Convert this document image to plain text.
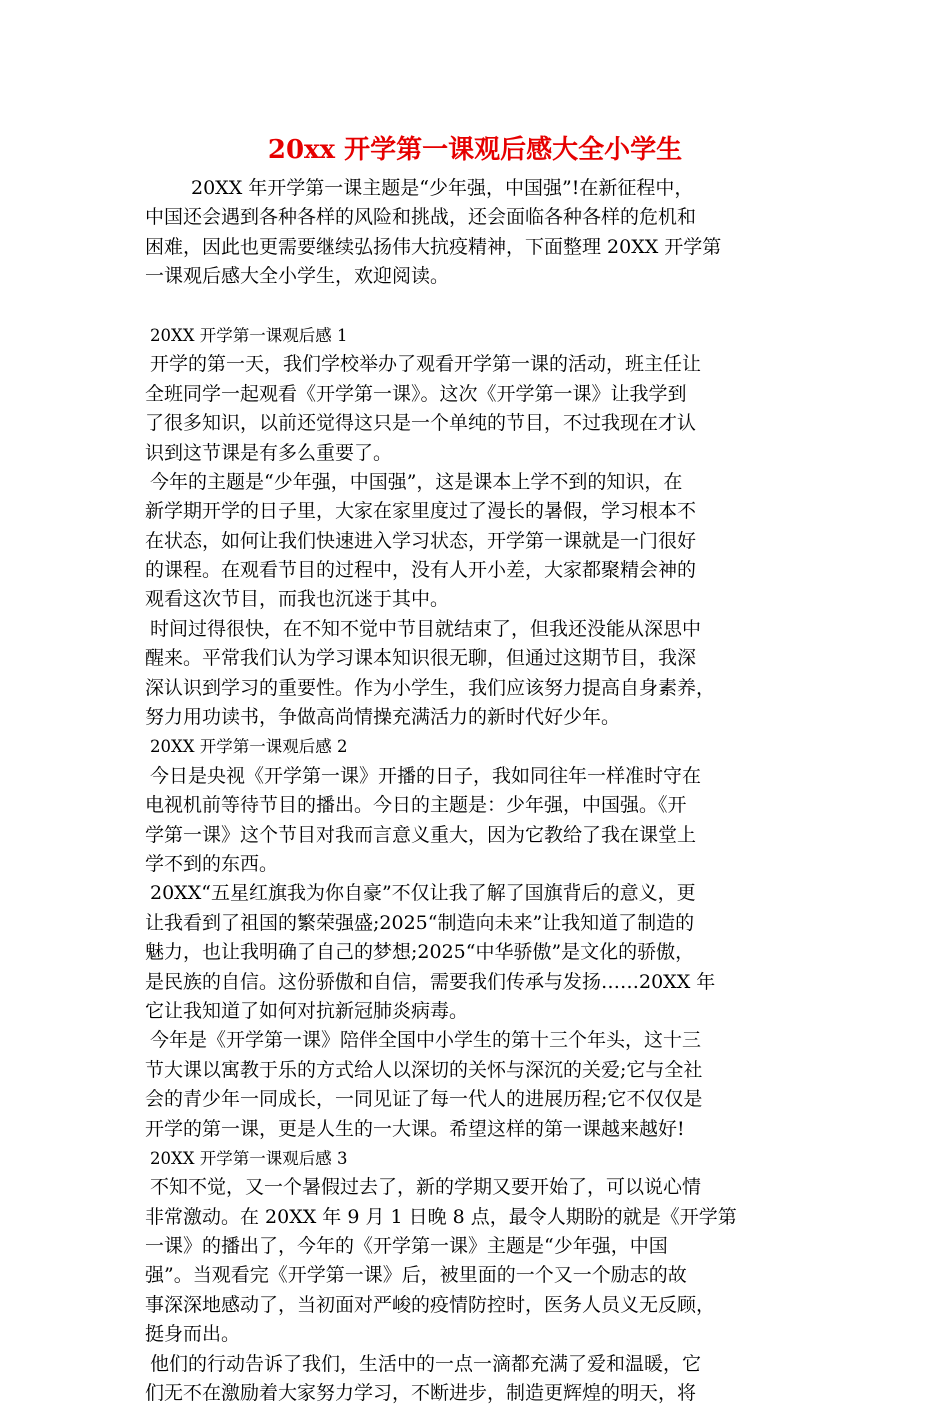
20xx 开学第一课观后感大全小学生
20XX 年开学第一课主题是“少年强，中国强”!在新征程中，
中国还会遇到各种各样的风险和挑战，还会面临各种各样的危机和
困难，因此也更需要继续弘扬伟大抗疫精神，下面整理 20XX 开学第
一课观后感大全小学生，欢迎阅读。
20XX 开学第一课观后感 1
开学的第一天，我们学校举办了观看开学第一课的活动，班主任让
全班同学一起观看《开学第一课》。这次《开学第一课》让我学到
了很多知识，以前还觉得这只是一个单纯的节目，不过我现在才认
识到这节课是有多么重要了。
今年的主题是“少年强，中国强”，这是课本上学不到的知识，在
新学期开学的日子里，大家在家里度过了漫长的暑假，学习根本不
在状态，如何让我们快速进入学习状态，开学第一课就是一门很好
的课程。在观看节目的过程中，没有人开小差，大家都聚精会神的
观看这次节目，而我也沉迷于其中。
时间过得很快，在不知不觉中节目就结束了，但我还没能从深思中
醒来。平常我们认为学习课本知识很无聊，但通过这期节目，我深
深认识到学习的重要性。作为小学生，我们应该努力提高自身素养，
努力用功读书，争做高尚情操充满活力的新时代好少年。
20XX 开学第一课观后感 2
今日是央视《开学第一课》开播的日子，我如同往年一样准时守在
电视机前等待节目的播出。今日的主题是：少年强，中国强。《开
学第一课》这个节目对我而言意义重大，因为它教给了我在课堂上
学不到的东西。
20XX“五星红旗我为你自豪”不仅让我了解了国旗背后的意义，更
让我看到了祖国的繁荣强盛;2025“制造向未来”让我知道了制造的
魅力，也让我明确了自己的梦想;2025“中华骄傲”是文化的骄傲，
是民族的自信。这份骄傲和自信，需要我们传承与发扬……20XX 年
它让我知道了如何对抗新冠肺炎病毒。
今年是《开学第一课》陪伴全国中小学生的第十三个年头，这十三
节大课以寓教于乐的方式给人以深切的关怀与深沉的关爱;它与全社
会的青少年一同成长，一同见证了每一代人的进展历程;它不仅仅是
开学的第一课，更是人生的一大课。希望这样的第一课越来越好!
20XX 开学第一课观后感 3
不知不觉，又一个暑假过去了，新的学期又要开始了，可以说心情
非常激动。在 20XX 年 9 月 1 日晚 8 点，最令人期盼的就是《开学第
一课》的播出了，今年的《开学第一课》主题是“少年强，中国
强”。当观看完《开学第一课》后，被里面的一个又一个励志的故
事深深地感动了，当初面对严峻的疫情防控时，医务人员义无反顾，
挺身而出。
他们的行动告诉了我们，生活中的一点一滴都充满了爱和温暖，它
们无不在激励着大家努力学习，不断进步，制造更辉煌的明天，将
